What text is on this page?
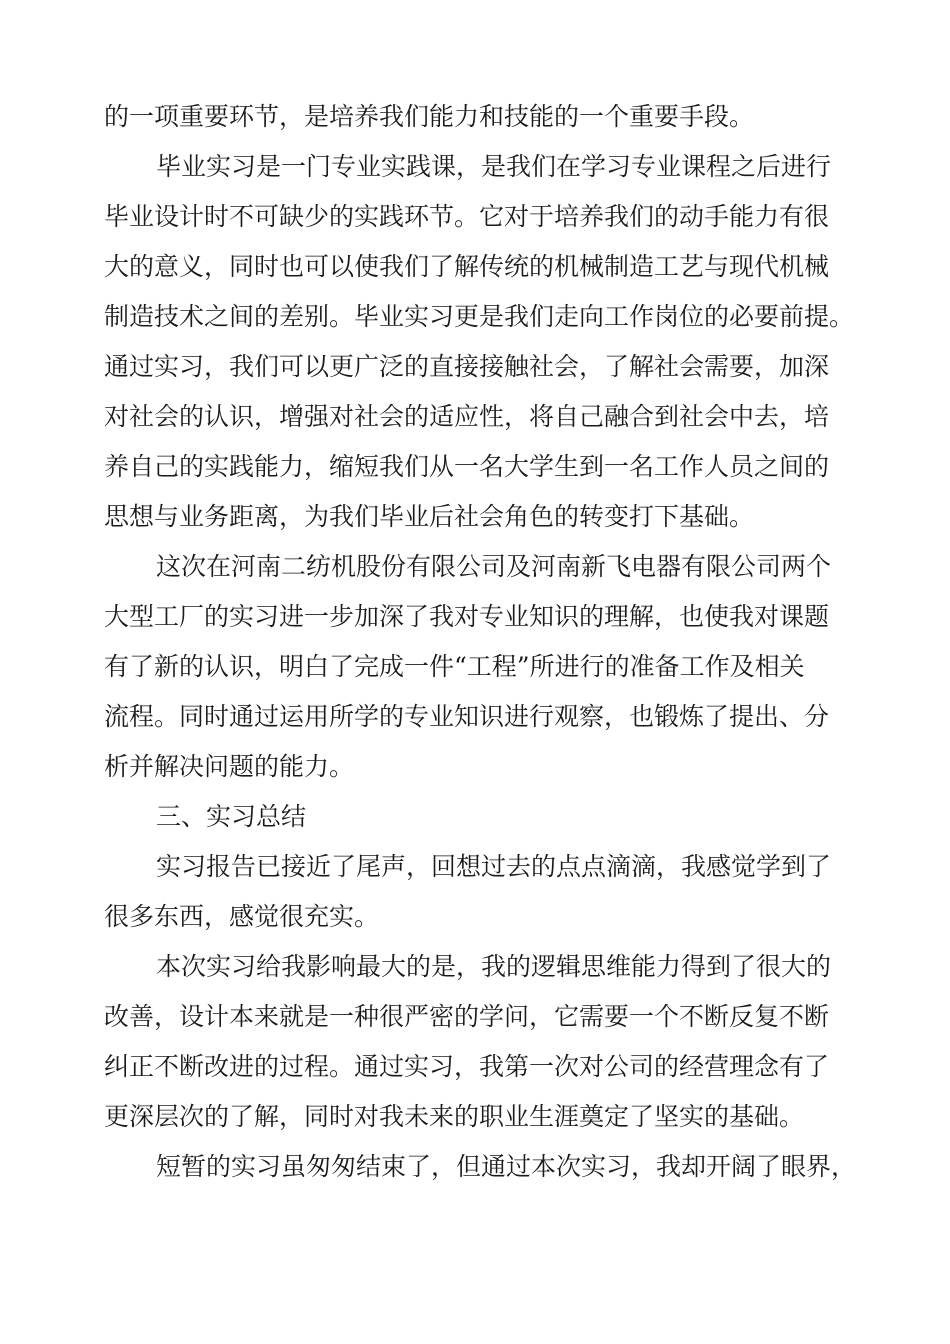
的一项重要环节，是培养我们能力和技能的一个重要手段。
毕业实习是一门专业实践课，是我们在学习专业课程之后进行
毕业设计时不可缺少的实践环节。它对于培养我们的动手能力有很
大的意义，同时也可以使我们了解传统的机械制造工艺与现代机械
制造技术之间的差别。毕业实习更是我们走向工作岗位的必要前提。
通过实习，我们可以更广泛的直接接触社会，了解社会需要，加深
对社会的认识，增强对社会的适应性，将自己融合到社会中去，培
养自己的实践能力，缩短我们从一名大学生到一名工作人员之间的
思想与业务距离，为我们毕业后社会角色的转变打下基础。
这次在河南二纺机股份有限公司及河南新飞电器有限公司两个
大型工厂的实习进一步加深了我对专业知识的理解，也使我对课题
有了新的认识，明白了完成一件“工程”所进行的准备工作及相关
流程。同时通过运用所学的专业知识进行观察，也锻炼了提出、分
析并解决问题的能力。
三、实习总结
实习报告已接近了尾声，回想过去的点点滴滴，我感觉学到了
很多东西，感觉很充实。
本次实习给我影响最大的是，我的逻辑思维能力得到了很大的
改善，设计本来就是一种很严密的学问，它需要一个不断反复不断
纠正不断改进的过程。通过实习，我第一次对公司的经营理念有了
更深层次的了解，同时对我未来的职业生涯奠定了坚实的基础。
短暂的实习虽匆匆结束了，但通过本次实习，我却开阔了眼界，
